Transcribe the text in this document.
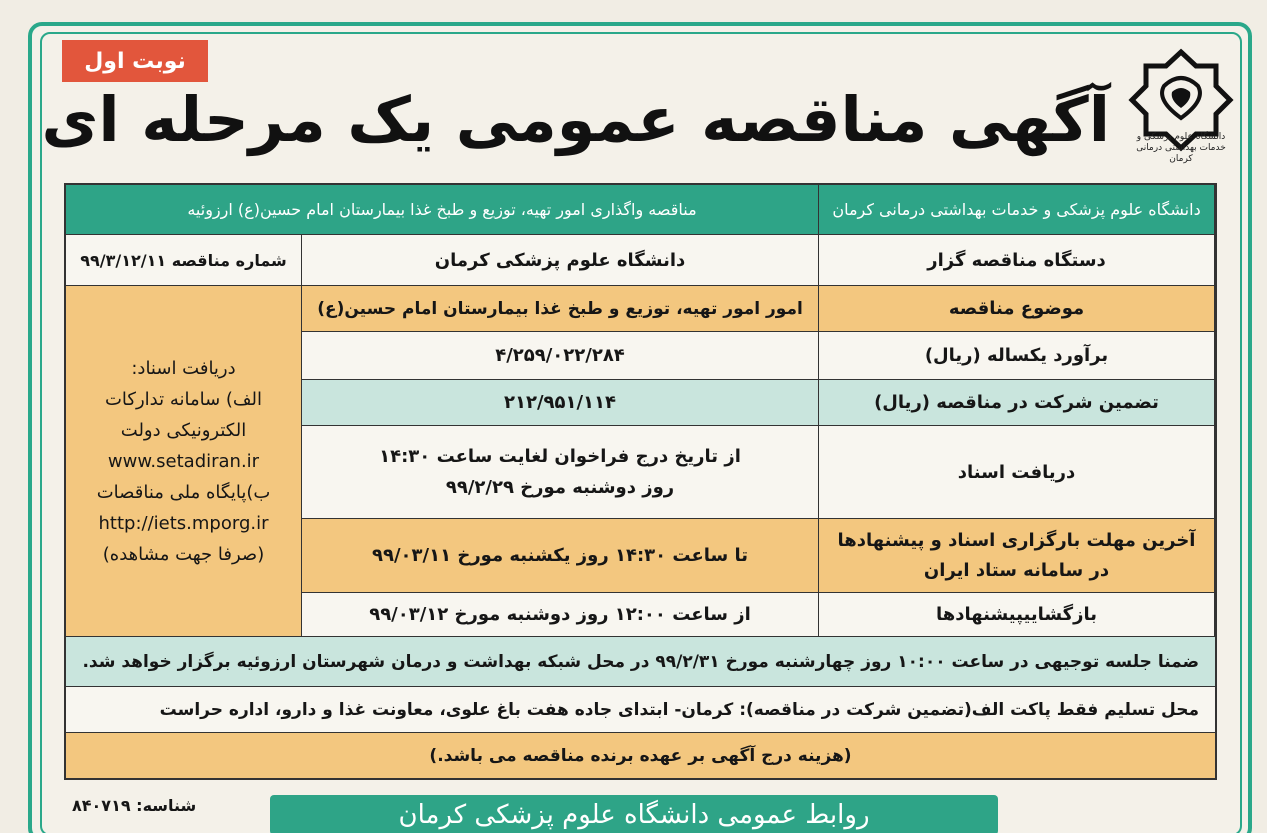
نوبت اول
دانشگاه علوم پزشکی و خدمات بهداشتی درمانی کرمان
آگهی مناقصه عمومی یک مرحله ای
دانشگاه علوم پزشکی و خدمات بهداشتی درمانی کرمان
مناقصه واگذاری امور تهیه، توزیع و طبخ غذا بیمارستان امام حسین(ع) ارزوئیه
دستگاه مناقصه گزار
دانشگاه علوم پزشکی کرمان
شماره مناقصه ۹۹/۳/۱۲/۱۱
موضوع مناقصه
امور امور تهیه، توزیع و طبخ غذا بیمارستان امام حسین(ع)
برآورد یکساله (ریال)
۴/۲۵۹/۰۲۲/۲۸۴
تضمین شرکت در مناقصه (ریال)
۲۱۲/۹۵۱/۱۱۴
دریافت اسناد
از تاریخ درج فراخوان لغایت ساعت ۱۴:۳۰
روز دوشنبه مورخ ۹۹/۲/۲۹
آخرین مهلت بارگزاری اسناد و پیشنهادها در سامانه ستاد ایران
تا ساعت ۱۴:۳۰ روز یکشنبه مورخ ۹۹/۰۳/۱۱
بازگشاییپیشنهادها
از ساعت ۱۲:۰۰ روز دوشنبه مورخ ۹۹/۰۳/۱۲
دریافت اسناد:
الف) سامانه تداركات
الکترونیکی دولت
www.setadiran.ir
ب)پایگاه ملی مناقصات
http://iets.mporg.ir
(صرفا جهت مشاهده)
ضمنا جلسه توجیهی در ساعت ۱۰:۰۰ روز چهارشنبه مورخ ۹۹/۲/۳۱ در محل شبکه بهداشت و درمان شهرستان ارزوئیه برگزار خواهد شد.
محل تسلیم فقط پاکت الف(تضمین شرکت در مناقصه): کرمان- ابتدای جاده هفت باغ علوی، معاونت غذا و دارو، اداره حراست
(هزینه درج آگهی بر عهده برنده مناقصه می باشد.)
شناسه: ۸۴۰۷۱۹	روابط عمومی دانشگاه علوم پزشکی کرمان
